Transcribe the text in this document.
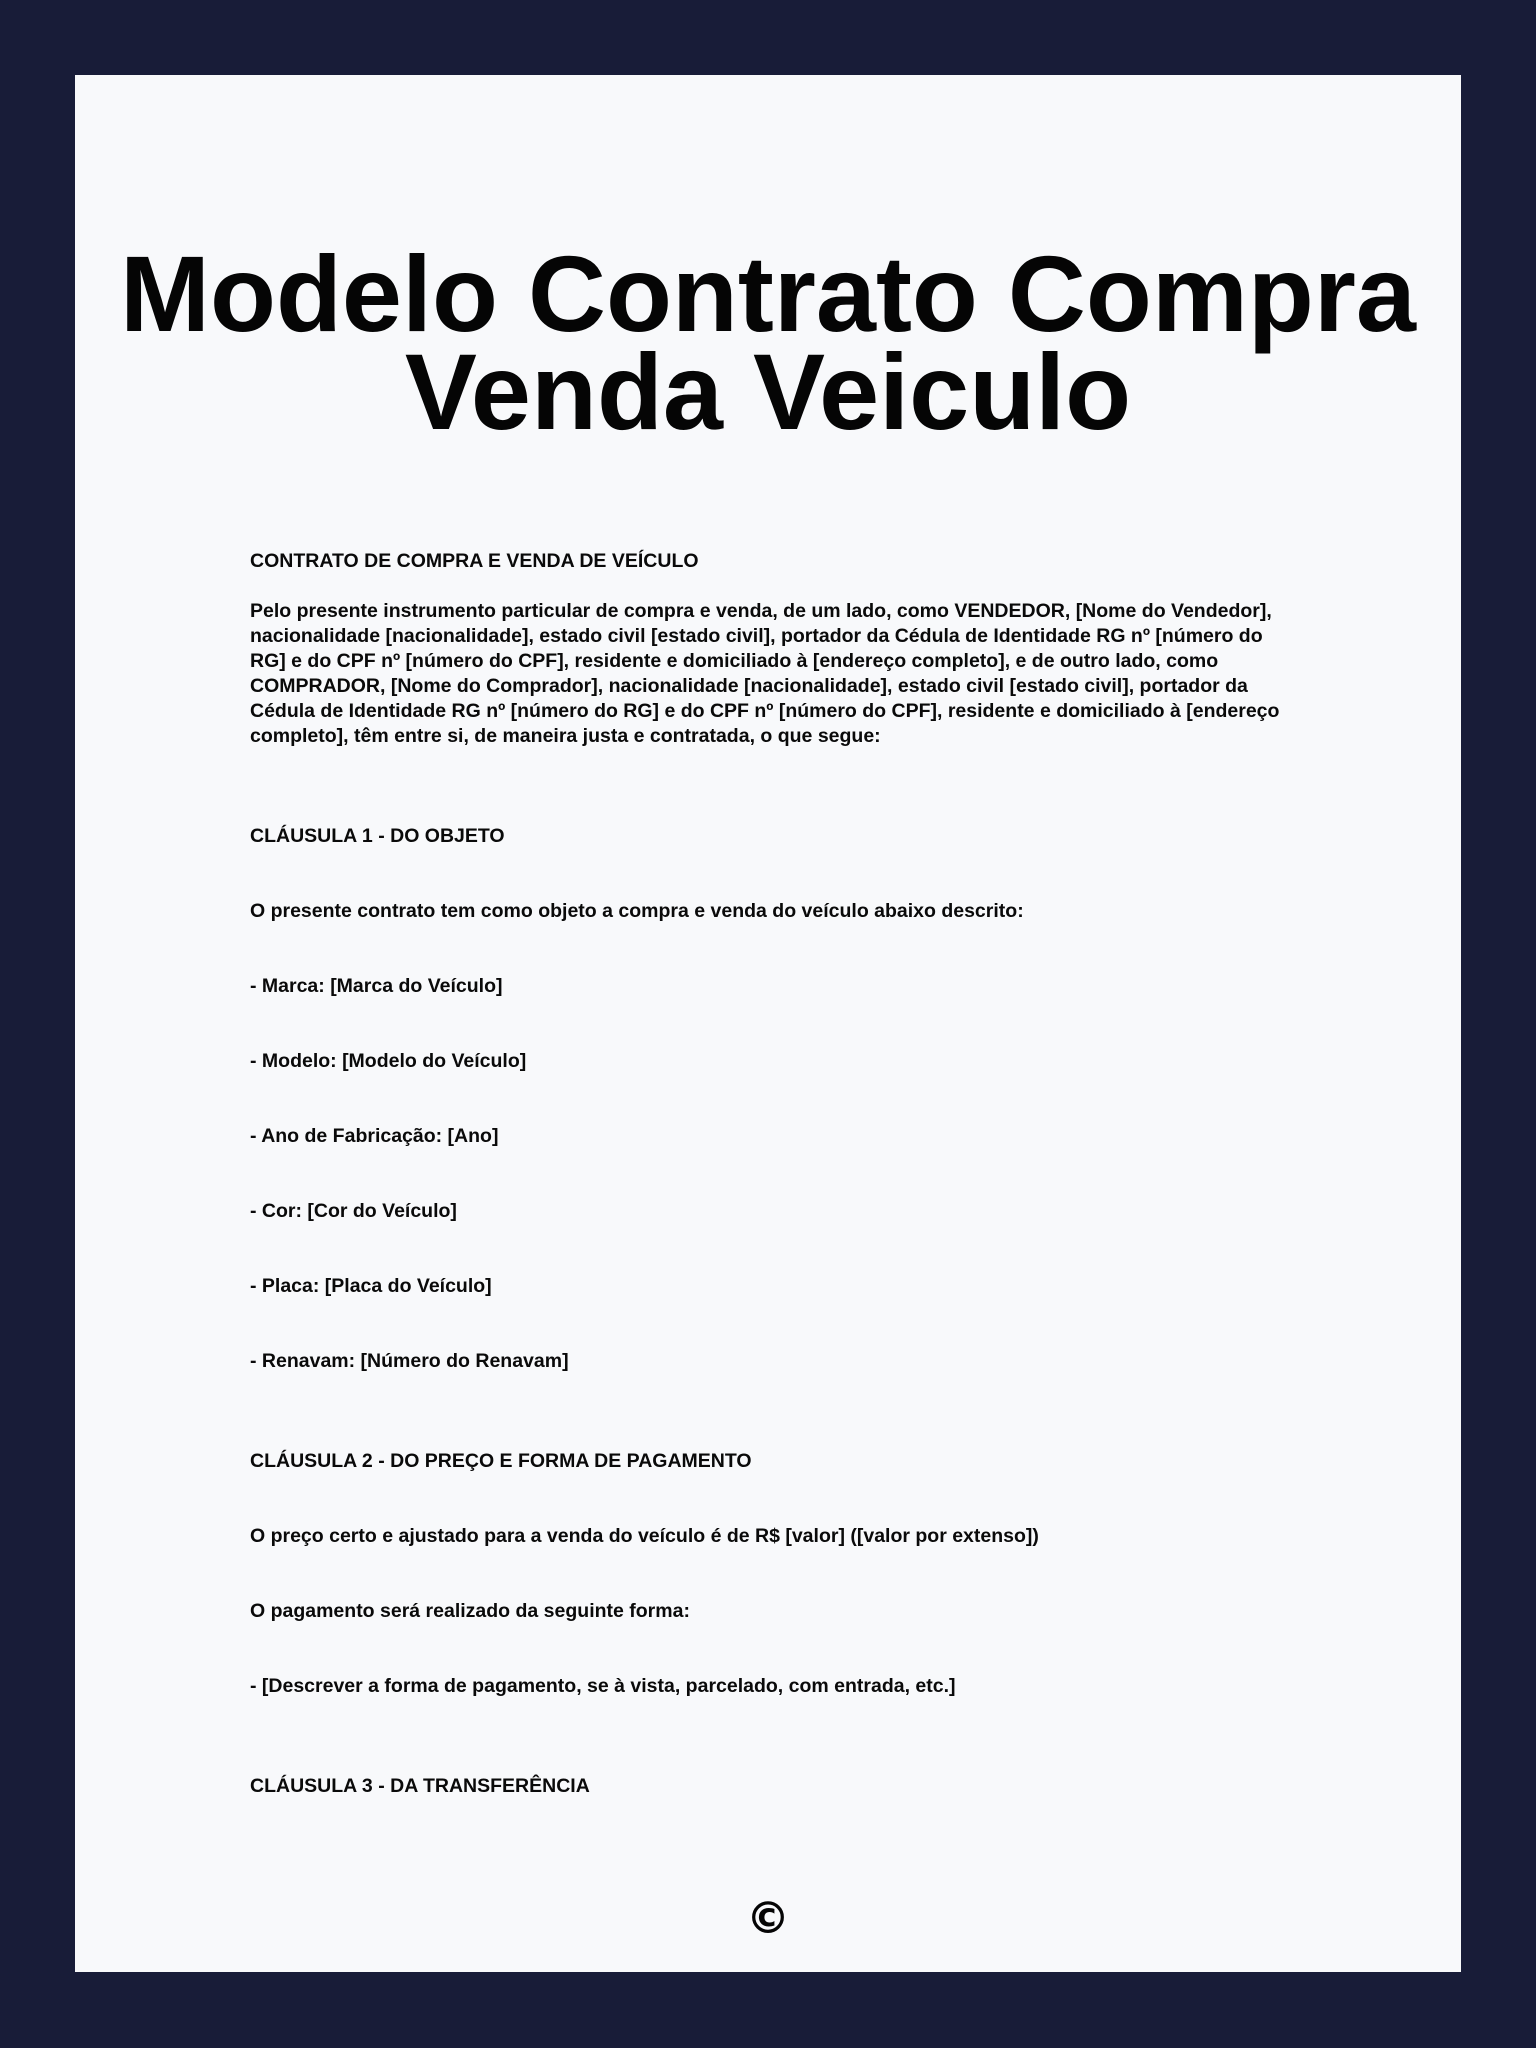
Modelo Contrato Compra Venda Veiculo

CONTRATO DE COMPRA E VENDA DE VEÍCULO

Pelo presente instrumento particular de compra e venda, de um lado, como VENDEDOR, [Nome do Vendedor], nacionalidade [nacionalidade], estado civil [estado civil], portador da Cédula de Identidade RG nº [número do RG] e do CPF nº [número do CPF], residente e domiciliado à [endereço completo], e de outro lado, como COMPRADOR, [Nome do Comprador], nacionalidade [nacionalidade], estado civil [estado civil], portador da Cédula de Identidade RG nº [número do RG] e do CPF nº [número do CPF], residente e domiciliado à [endereço completo], têm entre si, de maneira justa e contratada, o que segue:

CLÁUSULA 1 - DO OBJETO

O presente contrato tem como objeto a compra e venda do veículo abaixo descrito:

- Marca: [Marca do Veículo]

- Modelo: [Modelo do Veículo]

- Ano de Fabricação: [Ano]

- Cor: [Cor do Veículo]

- Placa: [Placa do Veículo]

- Renavam: [Número do Renavam]

CLÁUSULA 2 - DO PREÇO E FORMA DE PAGAMENTO

O preço certo e ajustado para a venda do veículo é de R$ [valor] ([valor por extenso])

O pagamento será realizado da seguinte forma:

- [Descrever a forma de pagamento, se à vista, parcelado, com entrada, etc.]

CLÁUSULA 3 - DA TRANSFERÊNCIA

©
